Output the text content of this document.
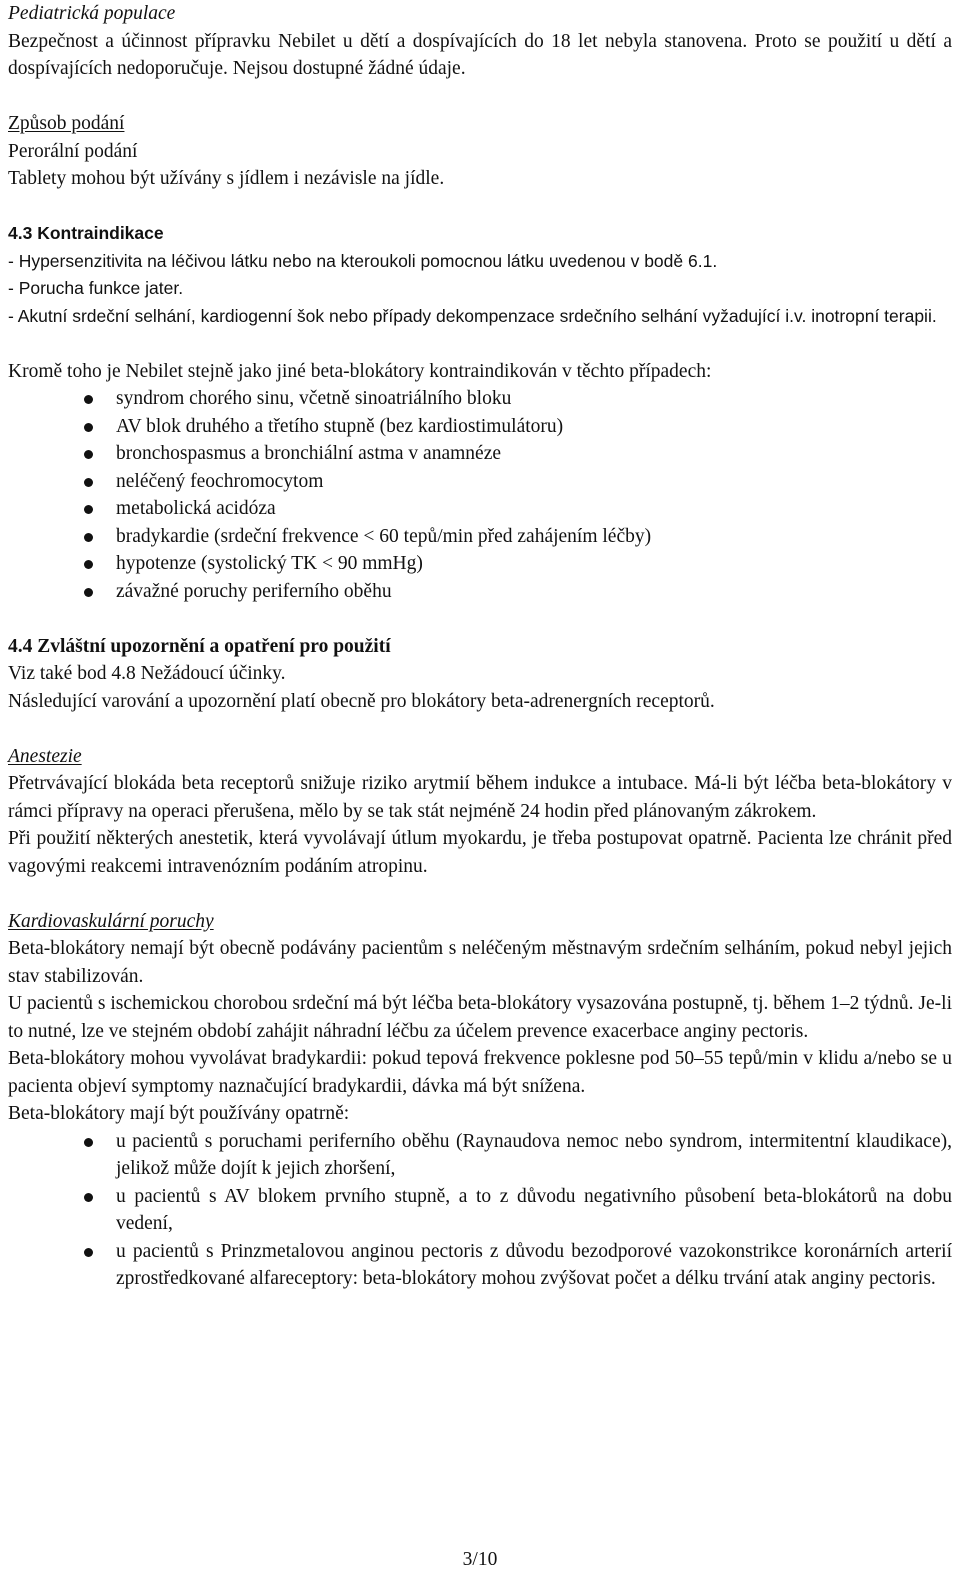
Pediatrická populace

Bezpečnost a účinnost přípravku Nebilet u dětí a dospívajících do 18 let nebyla stanovena. Proto se použití u dětí a dospívajících nedoporučuje. Nejsou dostupné žádné údaje.

Způsob podání

Perorální podání

Tablety mohou být užívány s jídlem i nezávisle na jídle.

4.3 Kontraindikace

- Hypersenzitivita na léčivou látku nebo na kteroukoli pomocnou látku uvedenou v bodě 6.1.

- Porucha funkce jater.

- Akutní srdeční selhání, kardiogenní šok nebo případy dekompenzace srdečního selhání vyžadující i.v. inotropní terapii.

Kromě toho je Nebilet stejně jako jiné beta-blokátory kontraindikován v těchto případech:

syndrom chorého sinu, včetně sinoatriálního bloku
AV blok druhého a třetího stupně (bez kardiostimulátoru)
bronchospasmus a bronchiální astma v anamnéze
neléčený feochromocytom
metabolická acidóza
bradykardie (srdeční frekvence < 60 tepů/min před zahájením léčby)
hypotenze (systolický TK < 90 mmHg)
závažné poruchy periferního oběhu

4.4 Zvláštní upozornění a opatření pro použití

Viz také bod 4.8 Nežádoucí účinky.

Následující varování a upozornění platí obecně pro blokátory beta-adrenergních receptorů.

Anestezie

Přetrvávající blokáda beta receptorů snižuje riziko arytmií během indukce a intubace. Má-li být léčba beta-blokátory v rámci přípravy na operaci přerušena, mělo by se tak stát nejméně 24 hodin před plánovaným zákrokem.

Při použití některých anestetik, která vyvolávají útlum myokardu, je třeba postupovat opatrně. Pacienta lze chránit před vagovými reakcemi intravenózním podáním atropinu.

Kardiovaskulární poruchy

Beta-blokátory nemají být obecně podávány pacientům s neléčeným městnavým srdečním selháním, pokud nebyl jejich stav stabilizován.

U pacientů s ischemickou chorobou srdeční má být léčba beta-blokátory vysazována postupně, tj. během 1–2 týdnů. Je-li to nutné, lze ve stejném období zahájit náhradní léčbu za účelem prevence exacerbace anginy pectoris.

Beta-blokátory mohou vyvolávat bradykardii: pokud tepová frekvence poklesne pod 50–55 tepů/min v klidu a/nebo se u pacienta objeví symptomy naznačující bradykardii, dávka má být snížena.

Beta-blokátory mají být používány opatrně:

u pacientů s poruchami periferního oběhu (Raynaudova nemoc nebo syndrom, intermitentní klaudikace), jelikož může dojít k jejich zhoršení,
u pacientů s AV blokem prvního stupně, a to z důvodu negativního působení beta-blokátorů na dobu vedení,
u pacientů s Prinzmetalovou anginou pectoris z důvodu bezodporové vazokonstrikce koronárních arterií zprostředkované alfareceptory: beta-blokátory mohou zvýšovat počet a délku trvání atak anginy pectoris.
3/10
